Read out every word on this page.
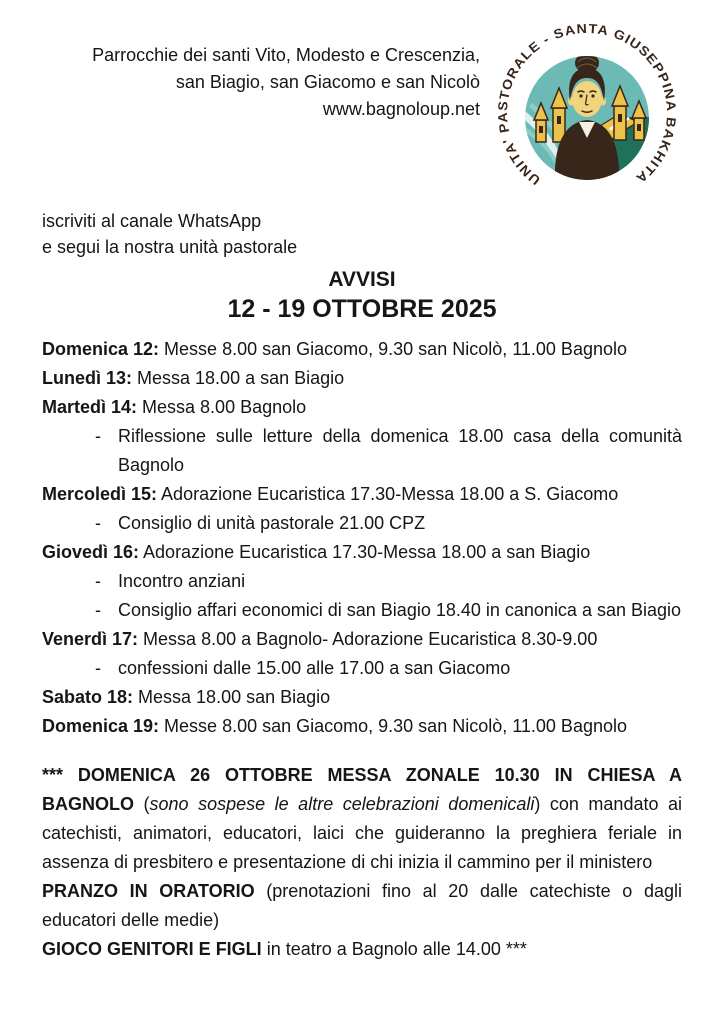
Parrocchie dei santi Vito, Modesto e Crescenzia,
san Biagio, san Giacomo e san Nicolò
www.bagnoloup.net
UNITA' PASTORALE - SANTA GIUSEPPINA BAKHITA
iscriviti al canale WhatsApp
e segui la nostra unità pastorale
AVVISI
12 - 19 OTTOBRE 2025

Domenica 12: Messe 8.00 san Giacomo, 9.30 san Nicolò, 11.00 Bagnolo

Lunedì 13: Messa 18.00 a san Biagio

Martedì 14: Messa 8.00 Bagnolo

- Riflessione sulle letture della domenica 18.00 casa della comunità Bagnolo

Mercoledì 15: Adorazione Eucaristica 17.30-Messa 18.00 a S. Giacomo

- Consiglio di unità pastorale 21.00 CPZ

Giovedì 16: Adorazione Eucaristica 17.30-Messa 18.00 a san Biagio

- Incontro anziani
- Consiglio affari economici di san Biagio 18.40 in canonica a san Biagio

Venerdì 17: Messa 8.00 a Bagnolo- Adorazione Eucaristica 8.30-9.00

- confessioni dalle 15.00 alle 17.00 a san Giacomo

Sabato 18: Messa 18.00 san Biagio

Domenica 19: Messe 8.00 san Giacomo, 9.30 san Nicolò, 11.00 Bagnolo

*** DOMENICA 26 OTTOBRE MESSA ZONALE 10.30 IN CHIESA A BAGNOLO (sono sospese le altre celebrazioni domenicali) con mandato ai catechisti, animatori, educatori, laici che guideranno la preghiera feriale in assenza di presbitero e presentazione di chi inizia il cammino per il ministero

PRANZO IN ORATORIO (prenotazioni fino al 20 dalle catechiste o dagli educatori delle medie)

GIOCO GENITORI E FIGLI in teatro a Bagnolo alle 14.00 ***
